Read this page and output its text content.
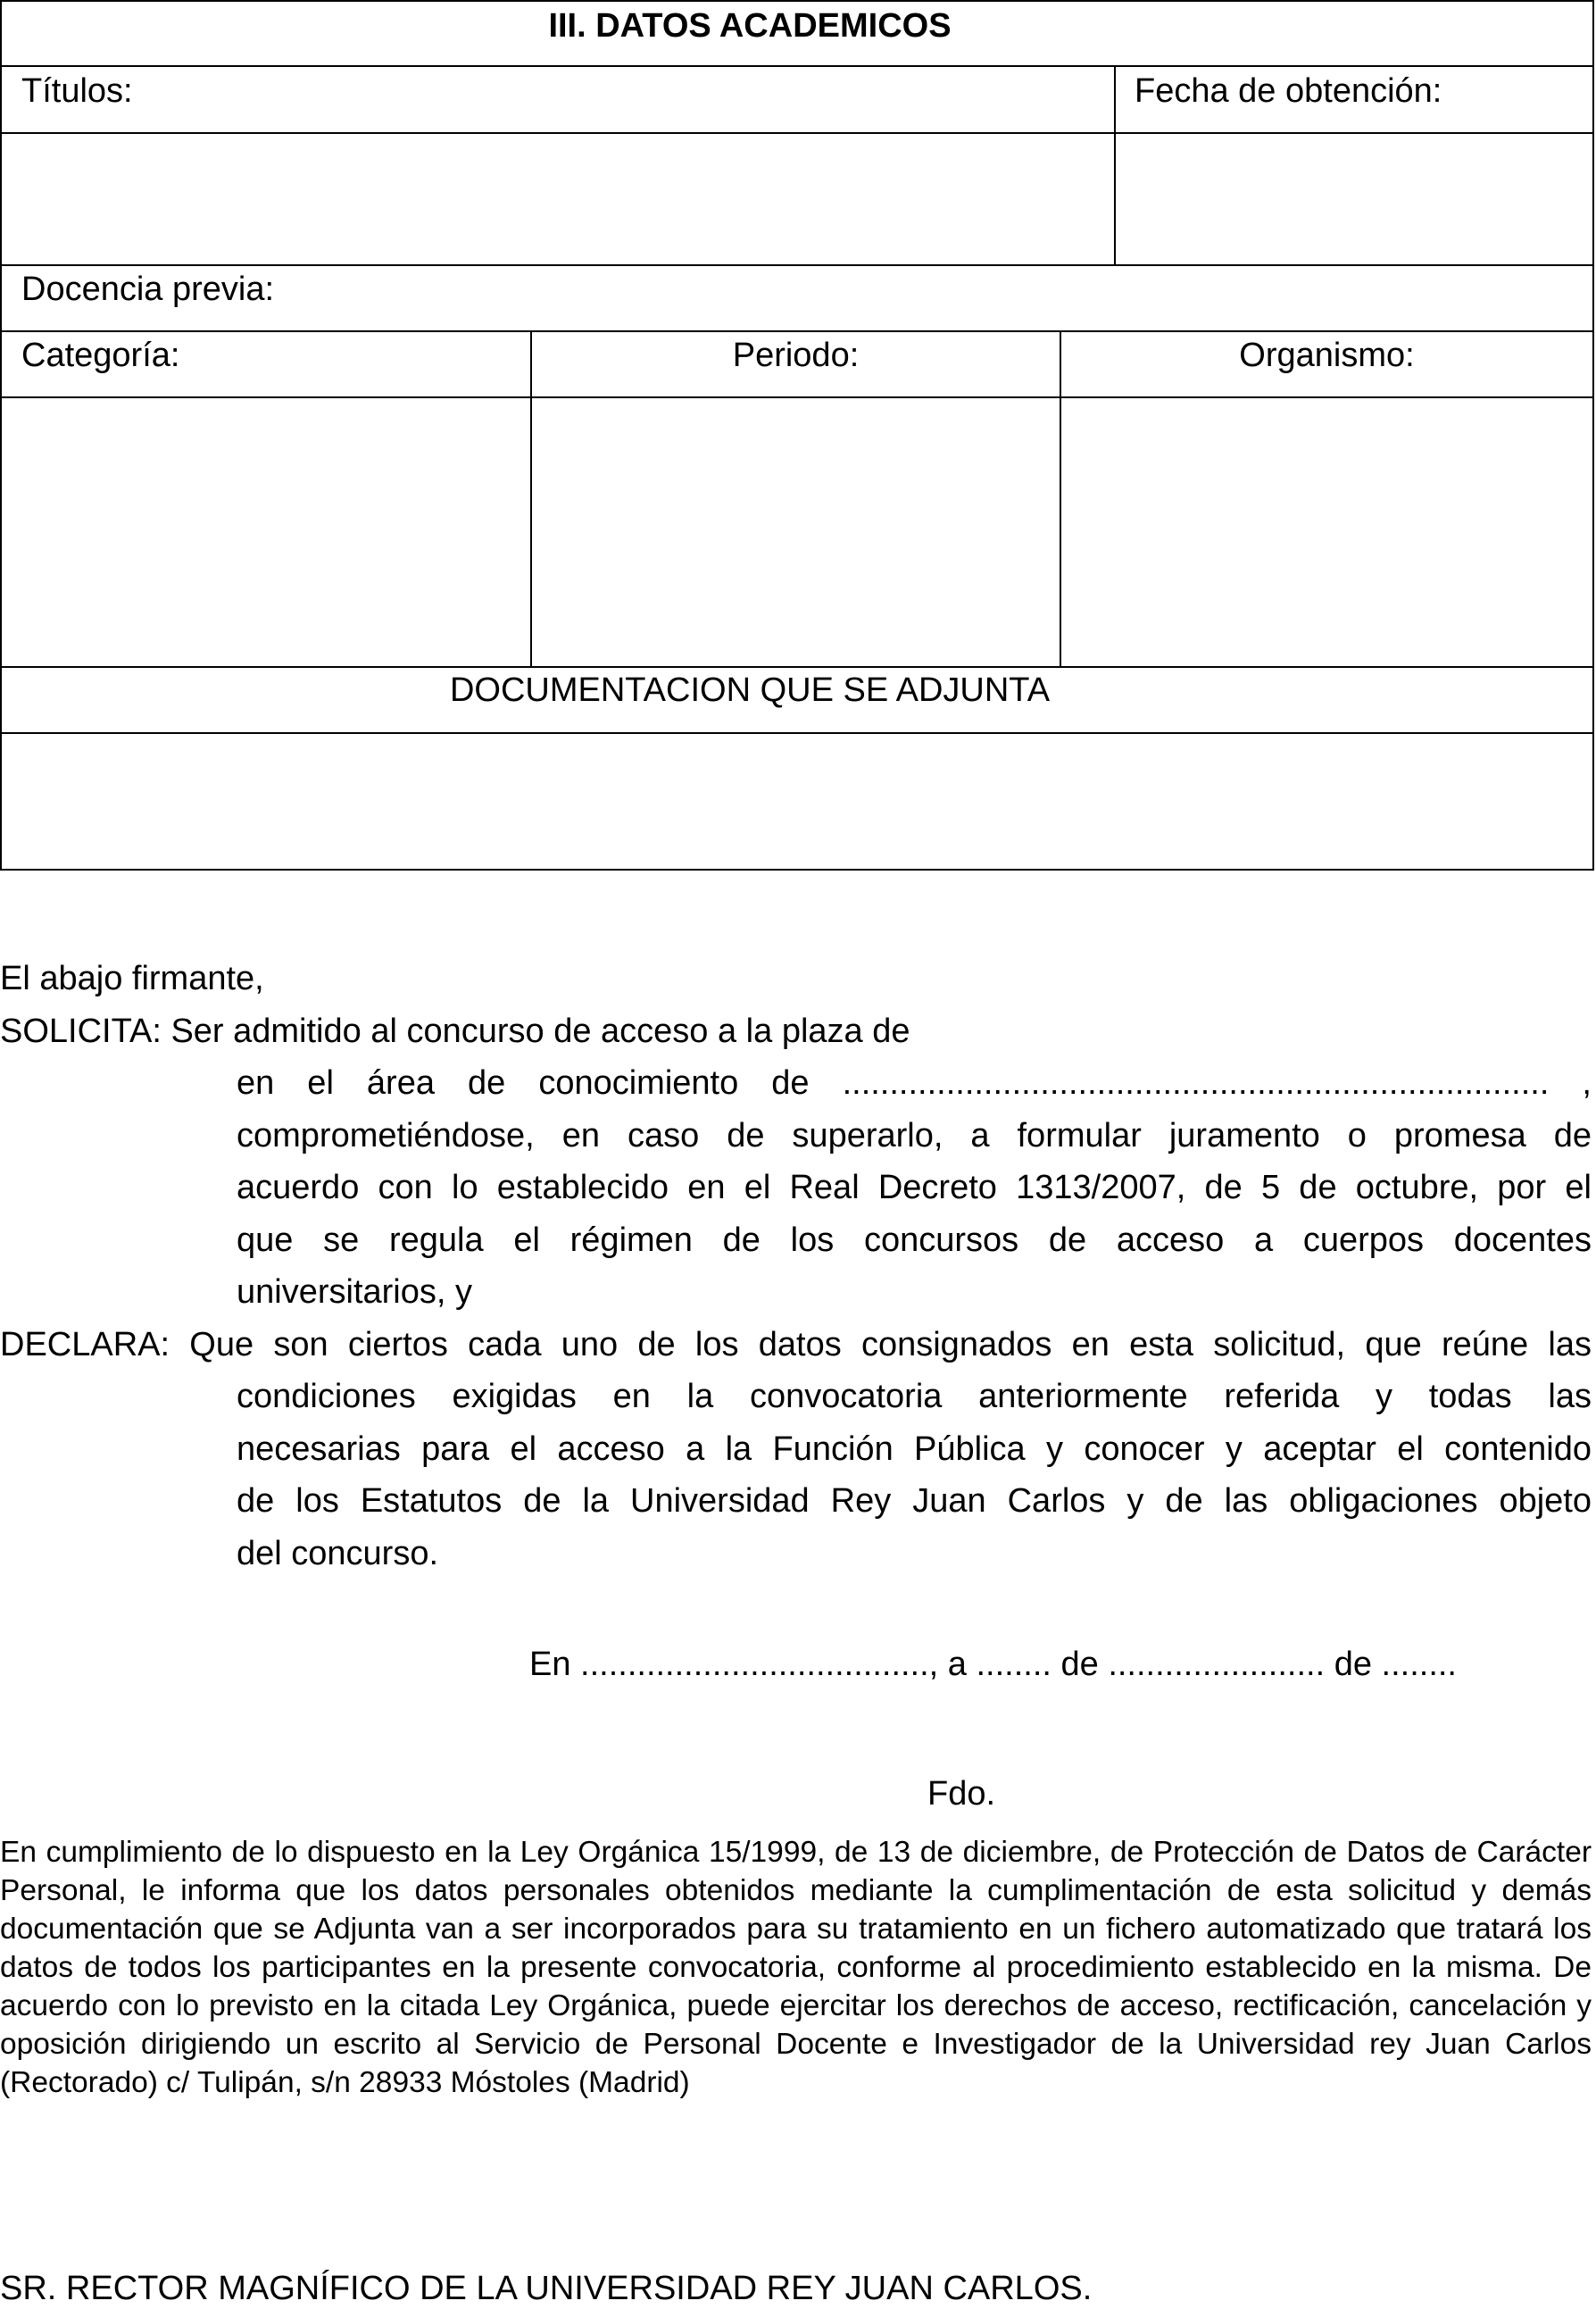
III. DATOS ACADEMICOS
Títulos:	Fecha de obtención:
Docencia previa:
Categoría:	Periodo:	Organismo:
DOCUMENTACION QUE SE ADJUNTA
El abajo firmante,
SOLICITA: Ser admitido al concurso de acceso a la plaza de
en el área de conocimiento de ........................................................................... ,
comprometiéndose, en caso de superarlo, a formular juramento o promesa de
acuerdo con lo establecido en el Real Decreto 1313/2007, de 5 de octubre, por el
que se regula el régimen de los concursos de acceso a cuerpos docentes
universitarios, y
DECLARA: Que son ciertos cada uno de los datos consignados en esta solicitud, que reúne las
condiciones exigidas en la convocatoria anteriormente referida y todas las
necesarias para el acceso a la Función Pública y conocer y aceptar el contenido
de los Estatutos de la Universidad Rey Juan Carlos y de las obligaciones objeto
del concurso.
En ....................................., a ........ de ....................... de ........
Fdo.
En cumplimiento de lo dispuesto en la Ley Orgánica 15/1999, de 13 de diciembre, de Protección de Datos de Carácter Personal, le informa que los datos personales obtenidos mediante la cumplimentación de esta solicitud y demás documentación que se Adjunta van a ser incorporados para su tratamiento en un fichero automatizado que tratará los datos de todos los participantes en la presente convocatoria, conforme al procedimiento establecido en la misma. De acuerdo con lo previsto en la citada Ley Orgánica, puede ejercitar los derechos de acceso, rectificación, cancelación y oposición dirigiendo un escrito al Servicio de Personal Docente e Investigador de la Universidad rey Juan Carlos (Rectorado) c/ Tulipán, s/n 28933 Móstoles (Madrid)
SR. RECTOR MAGNÍFICO DE LA UNIVERSIDAD REY JUAN CARLOS.
